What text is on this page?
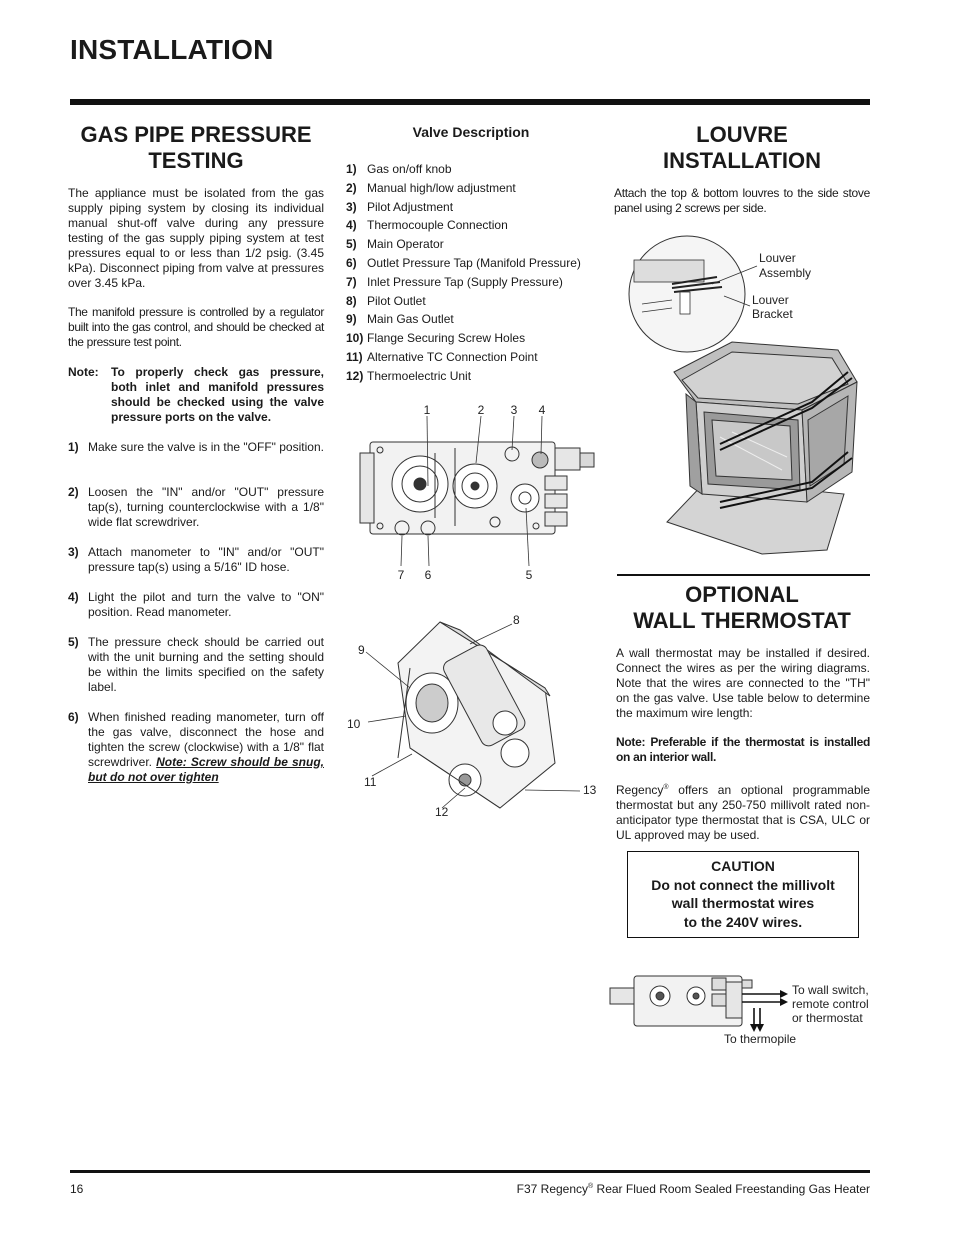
INSTALLATION
GAS PIPE PRESSURE
TESTING
The appliance must be isolated from the gas supply piping system by closing its individual manual shut-off valve during any pressure testing of the gas supply piping system at test pressures equal to or less than 1/2 psig. (3.45 kPa). Disconnect piping from valve at pressures over 3.45 kPa.
The manifold pressure is controlled by a regulator built into the gas control, and should be checked at the pressure test point.
Note: To properly check gas pressure, both inlet and manifold pressures should be checked using the valve pressure ports on the valve.
1) Make sure the valve is in the "OFF" position.
2) Loosen the "IN" and/or "OUT" pressure tap(s), turning counterclockwise with a 1/8" wide flat screwdriver.
3) Attach manometer to "IN" and/or "OUT" pressure tap(s) using a 5/16" ID hose.
4) Light the pilot and turn the valve to "ON" position. Read manometer.
5) The pressure check should be carried out with the unit burning and the setting should be within the limits specified on the safety label.
6) When finished reading manometer, turn off the gas valve, disconnect the hose and tighten the screw (clockwise) with a 1/8" flat screwdriver. Note: Screw should be snug, but do not over tighten
Valve Description
1) Gas on/off knob
2) Manual high/low adjustment
3) Pilot Adjustment
4) Thermocouple Connection
5) Main Operator
6) Outlet Pressure Tap (Manifold Pressure)
7) Inlet Pressure Tap (Supply Pressure)
8) Pilot Outlet
9) Main Gas Outlet
10) Flange Securing Screw Holes
11) Alternative TC Connection Point
12) Thermoelectric Unit
1	2 3 4
5
6
7
8
9
10
11
12
13
LOUVRE
INSTALLATION
Attach the top & bottom louvres to the side stove panel using 2 screws per side.
Louver
Assembly
Louver
Bracket
OPTIONAL
WALL THERMOSTAT
A wall thermostat may be installed if desired. Connect the wires as per the wiring diagrams. Note that the wires are connected to the "TH" on the gas valve. Use table below to determine the maximum wire length:
Note: Preferable if the thermostat is installed on an interior wall.
Regency® offers an optional programmable thermostat but any 250-750 millivolt rated non-anticipator type thermostat that is CSA, ULC or UL approved may be used.
CAUTION
Do not connect the millivolt
wall thermostat wires
to the 240V wires.
To wall switch,
remote control
or thermostat
To thermopile
16	F37 Regency® Rear Flued Room Sealed Freestanding Gas Heater
